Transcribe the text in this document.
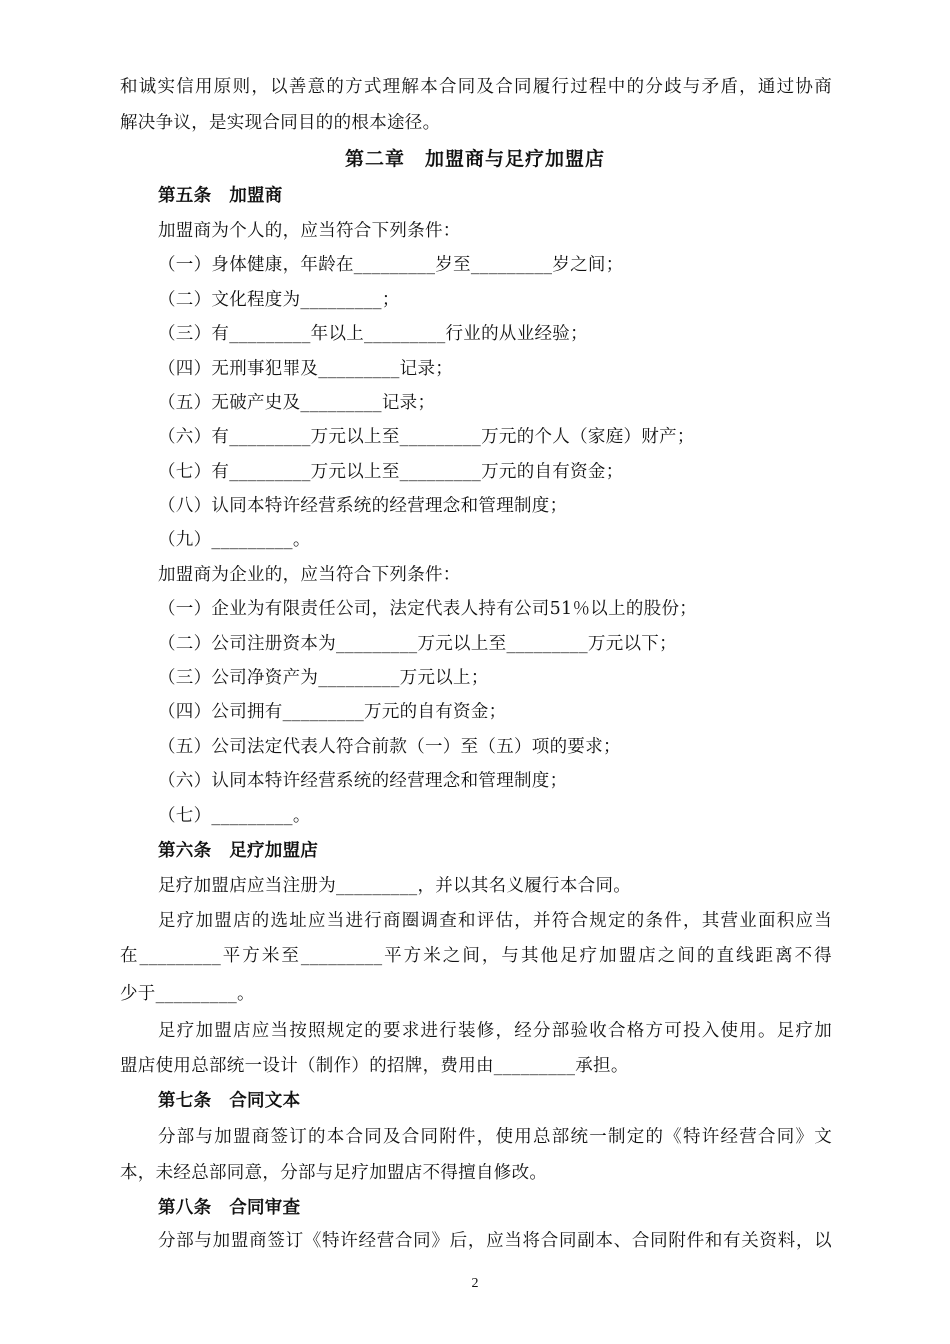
和诚实信用原则，以善意的方式理解本合同及合同履行过程中的分歧与矛盾，通过协商
解决争议，是实现合同目的的根本途径。
第二章　加盟商与足疗加盟店
第五条　加盟商
加盟商为个人的，应当符合下列条件：
（一）身体健康，年龄在_________岁至_________岁之间；
（二）文化程度为_________；
（三）有_________年以上_________行业的从业经验；
（四）无刑事犯罪及_________记录；
（五）无破产史及_________记录；
（六）有_________万元以上至_________万元的个人（家庭）财产；
（七）有_________万元以上至_________万元的自有资金；
（八）认同本特许经营系统的经营理念和管理制度；
（九）_________。
加盟商为企业的，应当符合下列条件：
（一）企业为有限责任公司，法定代表人持有公司51％以上的股份；
（二）公司注册资本为_________万元以上至_________万元以下；
（三）公司净资产为_________万元以上；
（四）公司拥有_________万元的自有资金；
（五）公司法定代表人符合前款（一）至（五）项的要求；
（六）认同本特许经营系统的经营理念和管理制度；
（七）_________。
第六条　足疗加盟店
足疗加盟店应当注册为_________，并以其名义履行本合同。
足疗加盟店的选址应当进行商圈调查和评估，并符合规定的条件，其营业面积应当
在_________平方米至_________平方米之间，与其他足疗加盟店之间的直线距离不得
少于_________。
足疗加盟店应当按照规定的要求进行装修，经分部验收合格方可投入使用。足疗加
盟店使用总部统一设计（制作）的招牌，费用由_________承担。
第七条　合同文本
分部与加盟商签订的本合同及合同附件，使用总部统一制定的《特许经营合同》文
本，未经总部同意，分部与足疗加盟店不得擅自修改。
第八条　合同审查
分部与加盟商签订《特许经营合同》后，应当将合同副本、合同附件和有关资料，以
2
